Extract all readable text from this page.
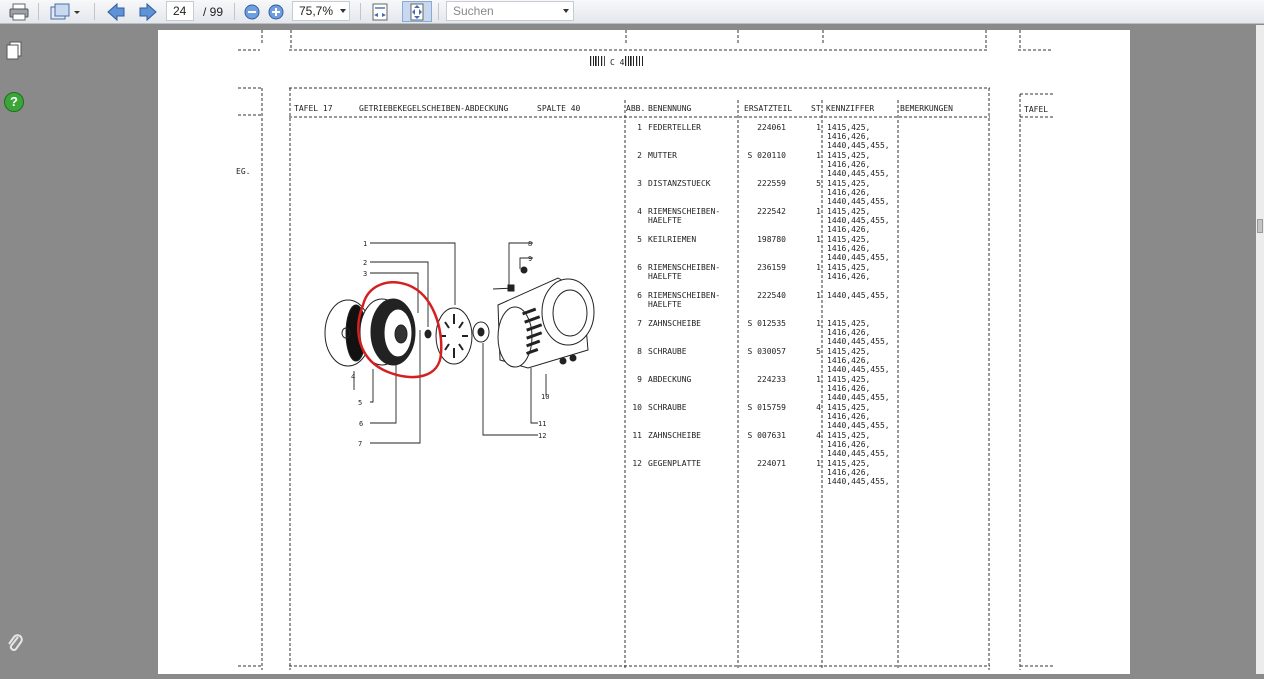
24	/ 99	75,7%	Suchen
?
C 4
EG.
TAFEL
TAFEL 17	GETRIEBEKEGELSCHEIBEN-ABDECKUNG	SPALTE 40	ABB. BENENNUNG	ERSATZTEIL ST KENNZIFFER	BEMERKUNGEN
1 FEDERTELLER	224061	1 1415,425,
1416,426,
1440,445,455,
2 MUTTER	S 020110	1 1415,425,
1416,426,
1440,445,455,
3 DISTANZSTUECK	222559	5 1415,425,
1416,426,
1440,445,455,
4 RIEMENSCHEIBEN-
HAELFTE
222542	1 1415,425,
1440,445,455,
1416,426,
5 KEILRIEMEN	198780	1 1415,425,
1416,426,
1440,445,455,
6 RIEMENSCHEIBEN-
HAELFTE
236159	1 1415,425,
1416,426,
6 RIEMENSCHEIBEN-
HAELFTE
222540	1 1440,445,455,
7 ZAHNSCHEIBE	S 012535	1 1415,425,
1416,426,
1440,445,455,
8 SCHRAUBE	S 030057	5 1415,425,
1416,426,
1440,445,455,
9 ABDECKUNG	224233	1 1415,425,
1416,426,
1440,445,455,
10 SCHRAUBE	S 015759	4 1415,425,
1416,426,
1440,445,455,
11 ZAHNSCHEIBE	S 007631	4 1415,425,
1416,426,
1440,445,455,
12 GEGENPLATTE	224071	1 1415,425,
1416,426,
1440,445,455,
1
2
3
4
5
6
7
8
9
10
11
12
